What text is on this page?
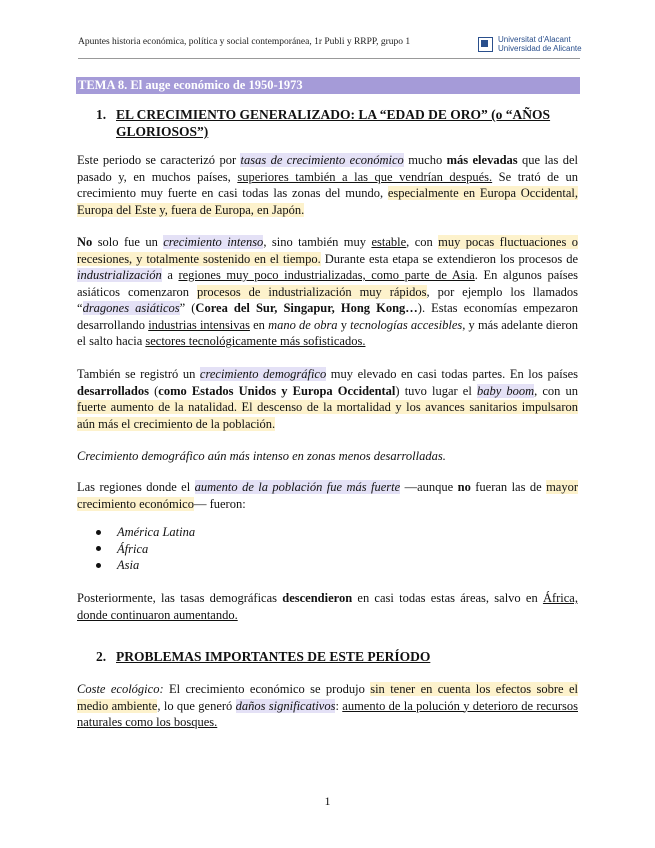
Apuntes historia económica, política y social contemporánea, 1r Publi y RRPP, grupo 1	Universitat d'Alacant
Universidad de Alicante
TEMA 8. El auge económico de 1950-1973
1. EL CRECIMIENTO GENERALIZADO: LA “EDAD DE ORO” (o “AÑOS
GLORIOSOS”)
Este periodo se caracterizó por tasas de crecimiento económico mucho más elevadas que las del pasado y, en muchos países, superiores también a las que vendrían después. Se trató de un crecimiento muy fuerte en casi todas las zonas del mundo, especialmente en Europa Occidental, Europa del Este y, fuera de Europa, en Japón.
No solo fue un crecimiento intenso, sino también muy estable, con muy pocas fluctuaciones o recesiones, y totalmente sostenido en el tiempo. Durante esta etapa se extendieron los procesos de industrialización a regiones muy poco industrializadas, como parte de Asia. En algunos países asiáticos comenzaron procesos de industrialización muy rápidos, por ejemplo los llamados “dragones asiáticos” (Corea del Sur, Singapur, Hong Kong…). Estas economías empezaron desarrollando industrias intensivas en mano de obra y tecnologías accesibles, y más adelante dieron el salto hacia sectores tecnológicamente más sofisticados.
También se registró un crecimiento demográfico muy elevado en casi todas partes. En los países desarrollados (como Estados Unidos y Europa Occidental) tuvo lugar el baby boom, con un fuerte aumento de la natalidad. El descenso de la mortalidad y los avances sanitarios impulsaron aún más el crecimiento de la población.
Crecimiento demográfico aún más intenso en zonas menos desarrolladas.
Las regiones donde el aumento de la población fue más fuerte —aunque no fueran las de mayor crecimiento económico— fueron:
América Latina
África
Asia
Posteriormente, las tasas demográficas descendieron en casi todas estas áreas, salvo en África, donde continuaron aumentando.
2. PROBLEMAS IMPORTANTES DE ESTE PERÍODO
Coste ecológico: El crecimiento económico se produjo sin tener en cuenta los efectos sobre el medio ambiente, lo que generó daños significativos: aumento de la polución y deterioro de recursos naturales como los bosques.
1
